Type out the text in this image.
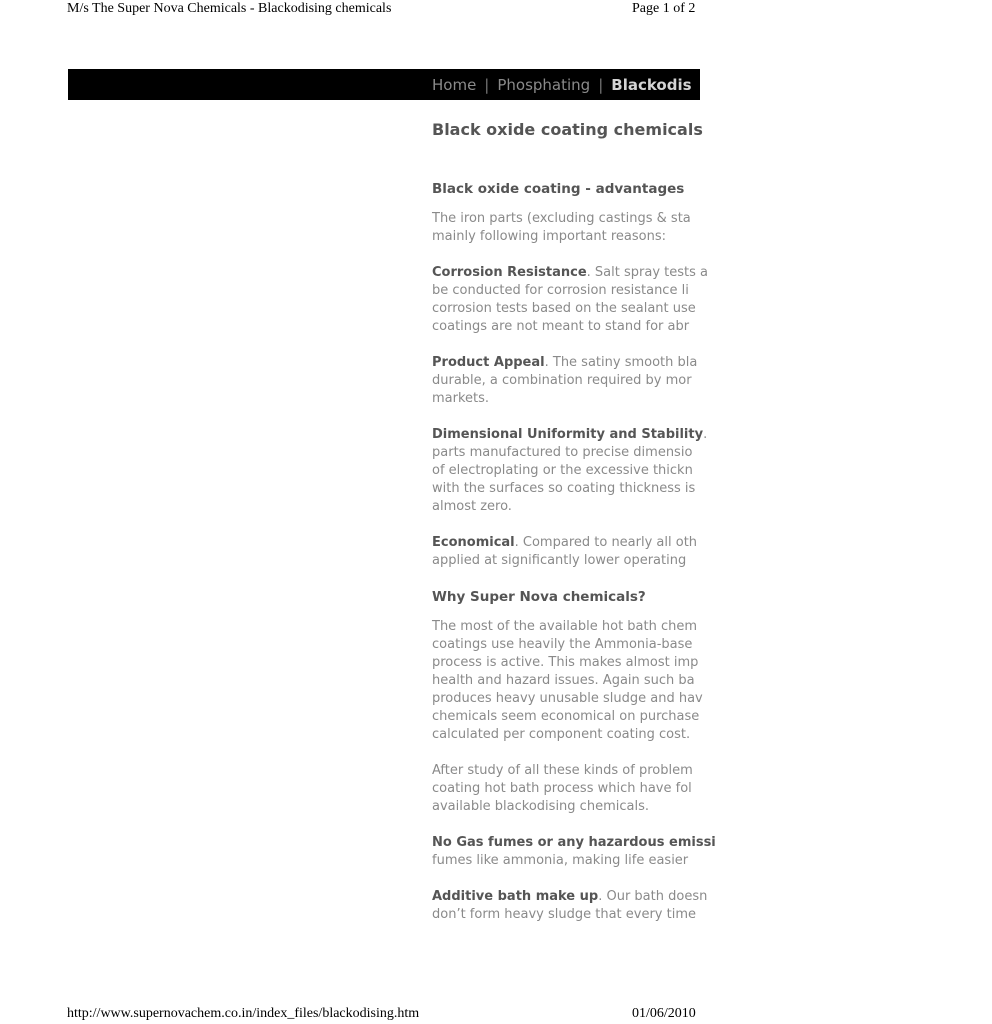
M/s The Super Nova Chemicals - Blackodising chemicals	Page 1 of 2
Home | Phosphating | Blackodis
Black oxide coating chemicals
Black oxide coating - advantages

The iron parts (excluding castings & sta
mainly following important reasons:

Corrosion Resistance. Salt spray tests a
be conducted for corrosion resistance li
corrosion tests based on the sealant use
coatings are not meant to stand for abr

Product Appeal. The satiny smooth bla
durable, a combination required by mor
markets.

Dimensional Uniformity and Stability.
parts manufactured to precise dimensio
of electroplating or the excessive thickn
with the surfaces so coating thickness is
almost zero.

Economical. Compared to nearly all oth
applied at significantly lower operating

Why Super Nova chemicals?

The most of the available hot bath chem
coatings use heavily the Ammonia-base
process is active. This makes almost imp
health and hazard issues. Again such ba
produces heavy unusable sludge and hav
chemicals seem economical on purchase
calculated per component coating cost.

After study of all these kinds of problem
coating hot bath process which have fol
available blackodising chemicals.

No Gas fumes or any hazardous emissi
fumes like ammonia, making life easier

Additive bath make up. Our bath doesn
don’t form heavy sludge that every time

http://www.supernovachem.co.in/index_files/blackodising.htm	01/06/2010
